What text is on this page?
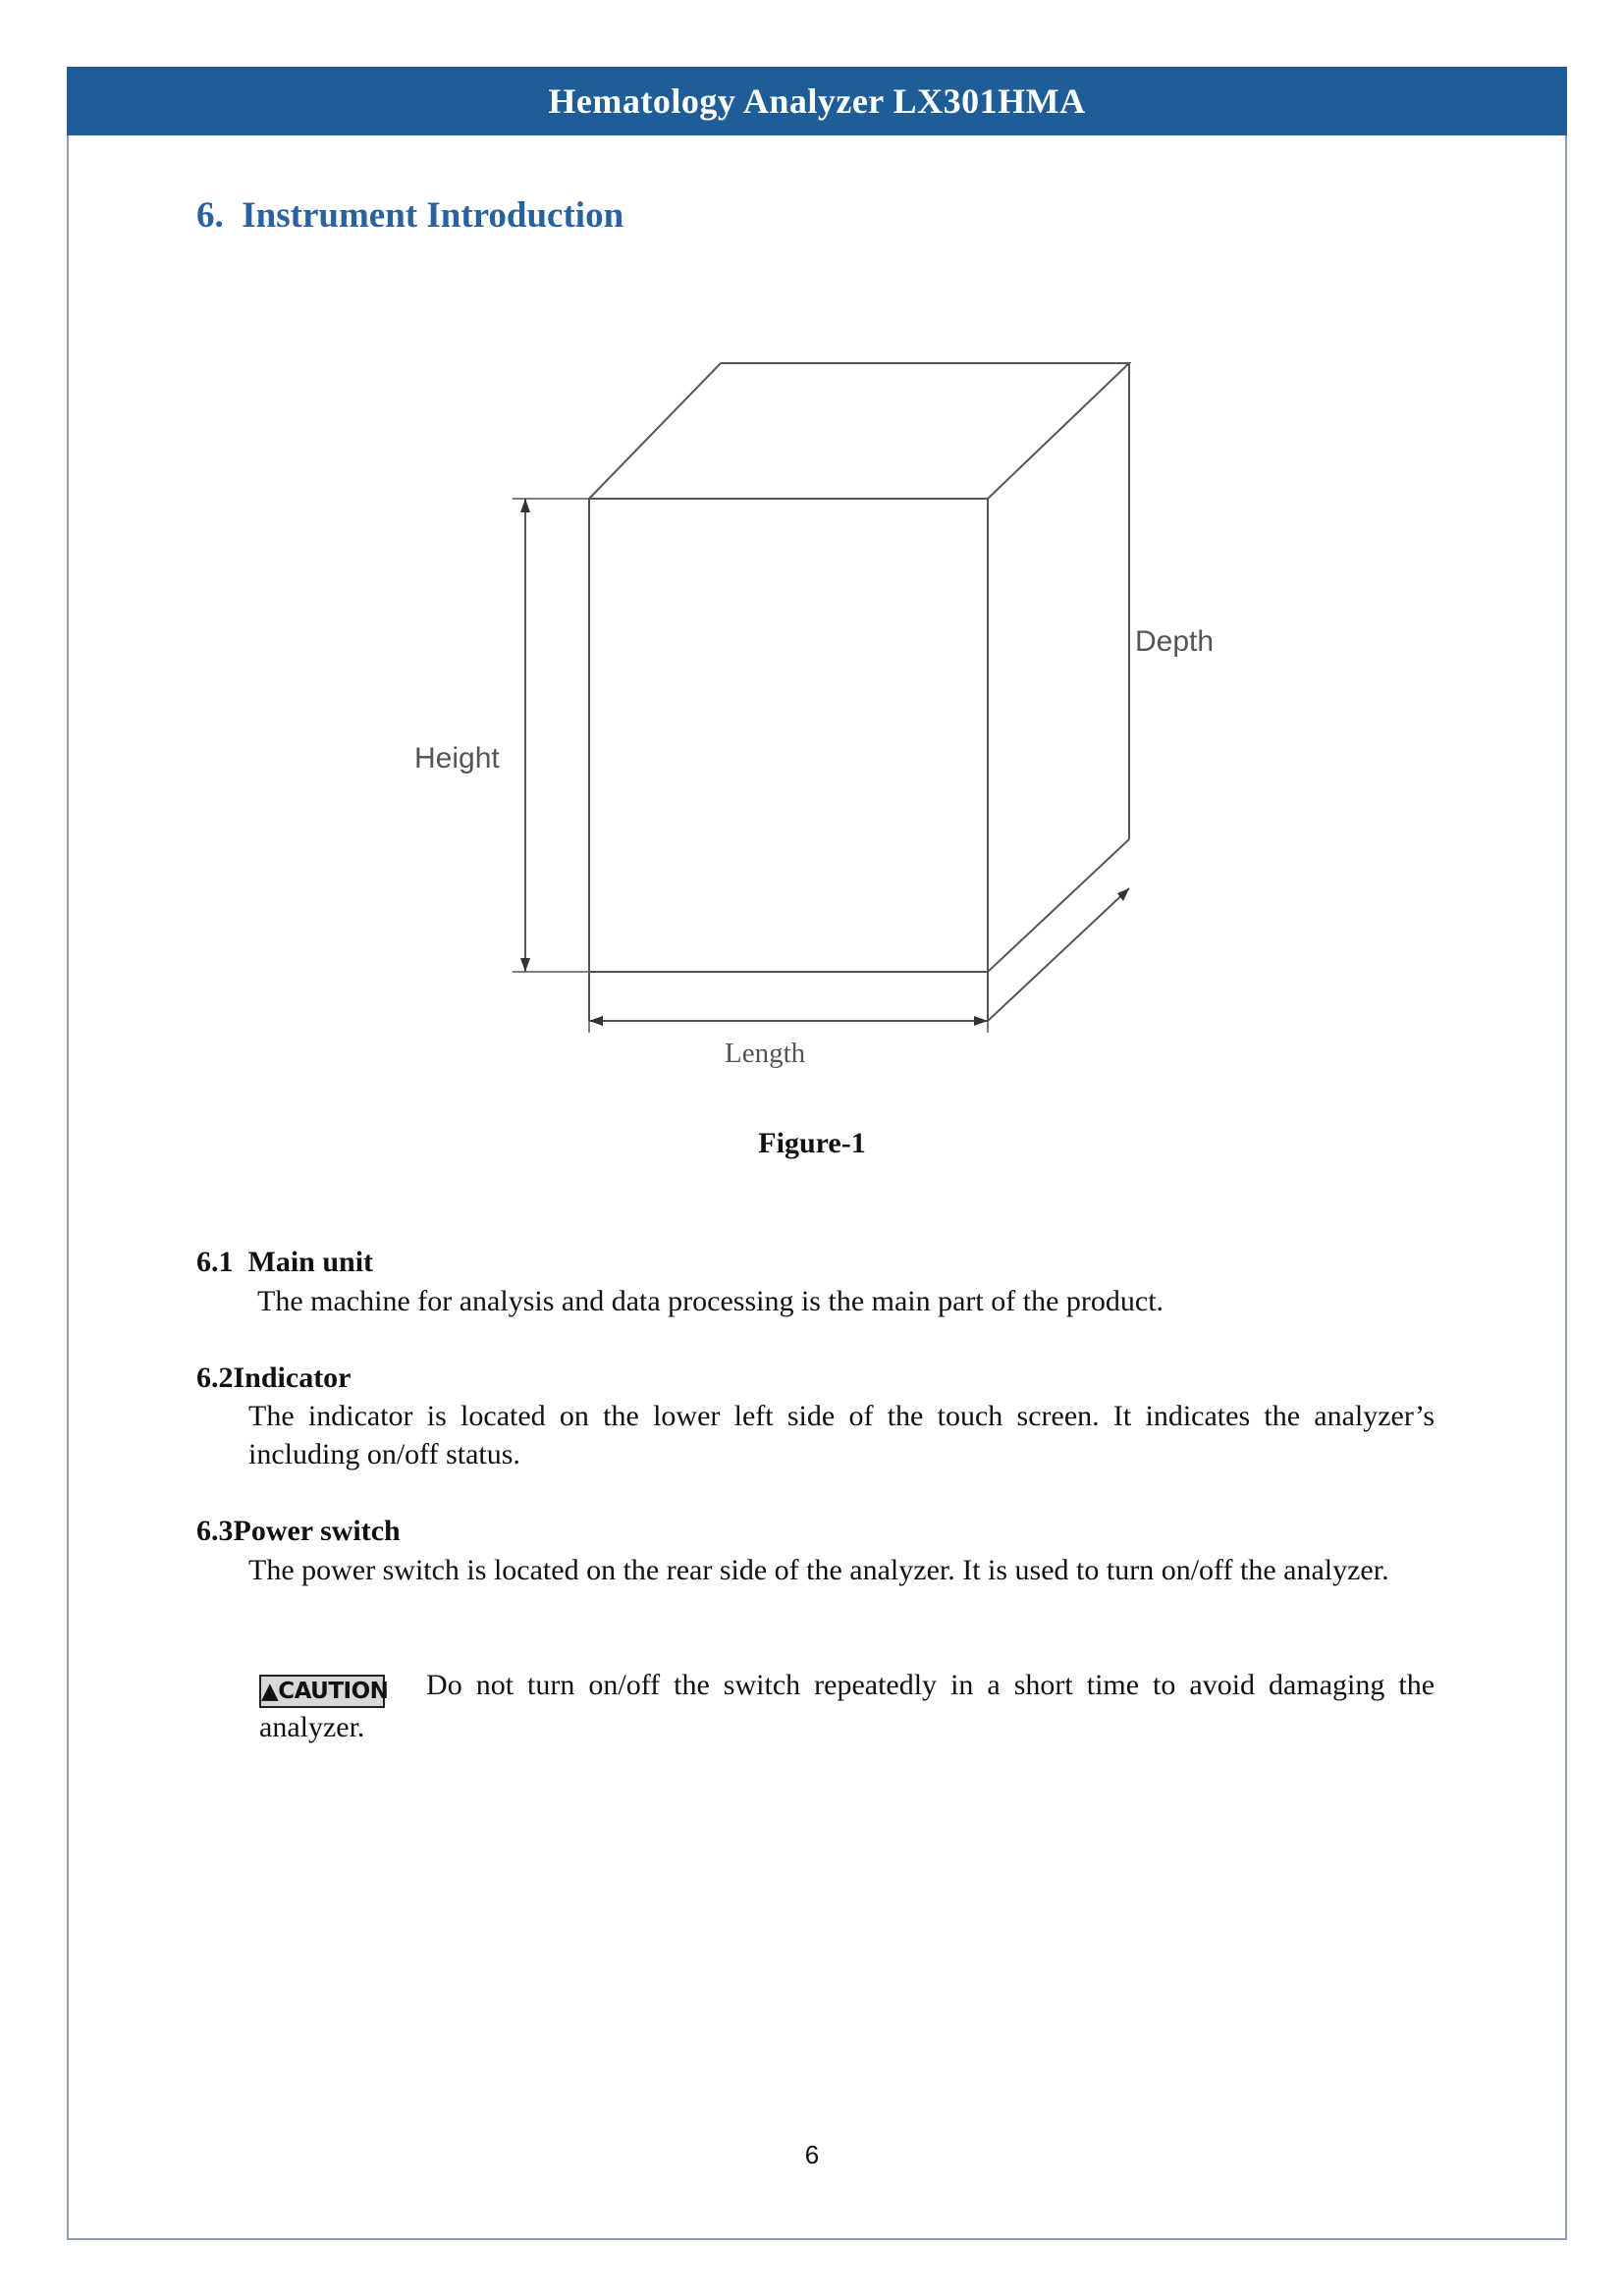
Hematology Analyzer LX301HMA
6. Instrument Introduction
Height
Depth
Length
Figure-1
6.1 Main unit
The machine for analysis and data processing is the main part of the product.
6.2Indicator
The indicator is located on the lower left side of the touch screen. It indicates the analyzer’s including on/off status.
6.3Power switch
The power switch is located on the rear side of the analyzer. It is used to turn on/off the analyzer.
▲CAUTION Do not turn on/off the switch repeatedly in a short time to avoid damaging the analyzer.
6
